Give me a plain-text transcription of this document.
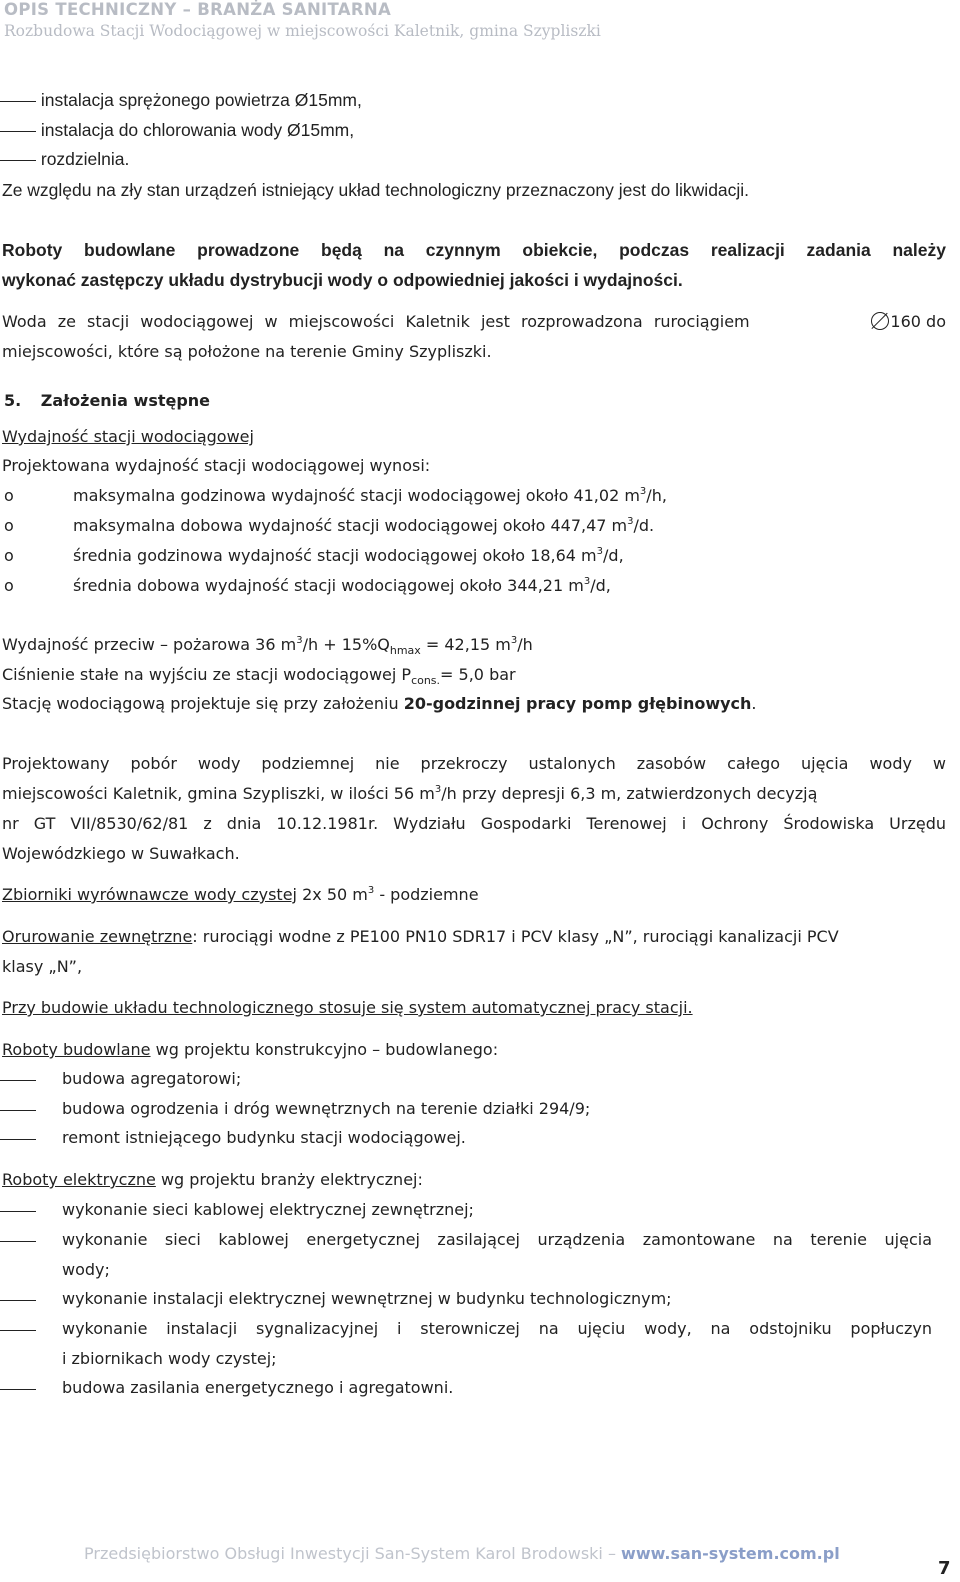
OPIS TECHNICZNY – BRANŻA SANITARNA
Rozbudowa Stacji Wodociągowej w miejscowości Kaletnik, gmina Szypliszki
instalacja sprężonego powietrza Ø15mm,
instalacja do chlorowania wody Ø15mm,
rozdzielnia.
Ze względu na zły stan urządzeń istniejący układ technologiczny przeznaczony jest do likwidacji.
Roboty budowlane prowadzone będą na czynnym obiekcie, podczas realizacji zadania należy
wykonać zastępczy układu dystrybucji wody o odpowiedniej jakości i wydajności.
Woda ze stacji wodociągowej w miejscowości Kaletnik jest rozprowadzona rurociągiem	160 do
miejscowości, które są położone na terenie Gminy Szypliszki.
5. Założenia wstępne
Wydajność stacji wodociągowej
Projektowana wydajność stacji wodociągowej wynosi:
o	maksymalna godzinowa wydajność stacji wodociągowej około 41,02 $m^3/h$,
o	maksymalna dobowa wydajność stacji wodociągowej około 447,47 $m^3/d$.
o	średnia godzinowa wydajność stacji wodociągowej około 18,64 $m^3/d$,
o	średnia dobowa wydajność stacji wodociągowej około 344,21 $m^3/d$,
Wydajność przeciw – pożarowa 36 $m^3/h + 15\%Q_{hmax} = 42,15$ $m^3/h$
Ciśnienie stałe na wyjściu ze stacji wodociągowej $P_{cons.}= 5,0$ bar
Stację wodociągową projektuje się przy założeniu 20-godzinnej pracy pomp głębinowych.
Projektowany pobór wody podziemnej nie przekroczy ustalonych zasobów całego ujęcia wody w
miejscowości Kaletnik, gmina Szypliszki, w ilości 56 $m^3/h$ przy depresji 6,3 m, zatwierdzonych decyzją
nr GT VII/8530/62/81 z dnia 10.12.1981r. Wydziału Gospodarki Terenowej i Ochrony Środowiska Urzędu
Wojewódzkiego w Suwałkach.
Zbiorniki wyrównawcze wody czystej 2x 50 $m^3$ - podziemne
Orurowanie zewnętrzne: rurociągi wodne z PE100 PN10 SDR17 i PCV klasy „N”, rurociągi kanalizacji PCV
klasy „N”,
Przy budowie układu technologicznego stosuje się system automatycznej pracy stacji.
Roboty budowlane wg projektu konstrukcyjno – budowlanego:
budowa agregatorowi;
budowa ogrodzenia i dróg wewnętrznych na terenie działki 294/9;
remont istniejącego budynku stacji wodociągowej.
Roboty elektryczne wg projektu branży elektrycznej:
wykonanie sieci kablowej elektrycznej zewnętrznej;
wykonanie sieci kablowej energetycznej zasilającej urządzenia zamontowane na terenie ujęcia
wody;
wykonanie instalacji elektrycznej wewnętrznej w budynku technologicznym;
wykonanie instalacji sygnalizacyjnej i sterowniczej na ujęciu wody, na odstojniku popłuczyn
i zbiornikach wody czystej;
budowa zasilania energetycznego i agregatowni.
Przedsiębiorstwo Obsługi Inwestycji San-System Karol Brodowski – www.san-system.com.pl
7
